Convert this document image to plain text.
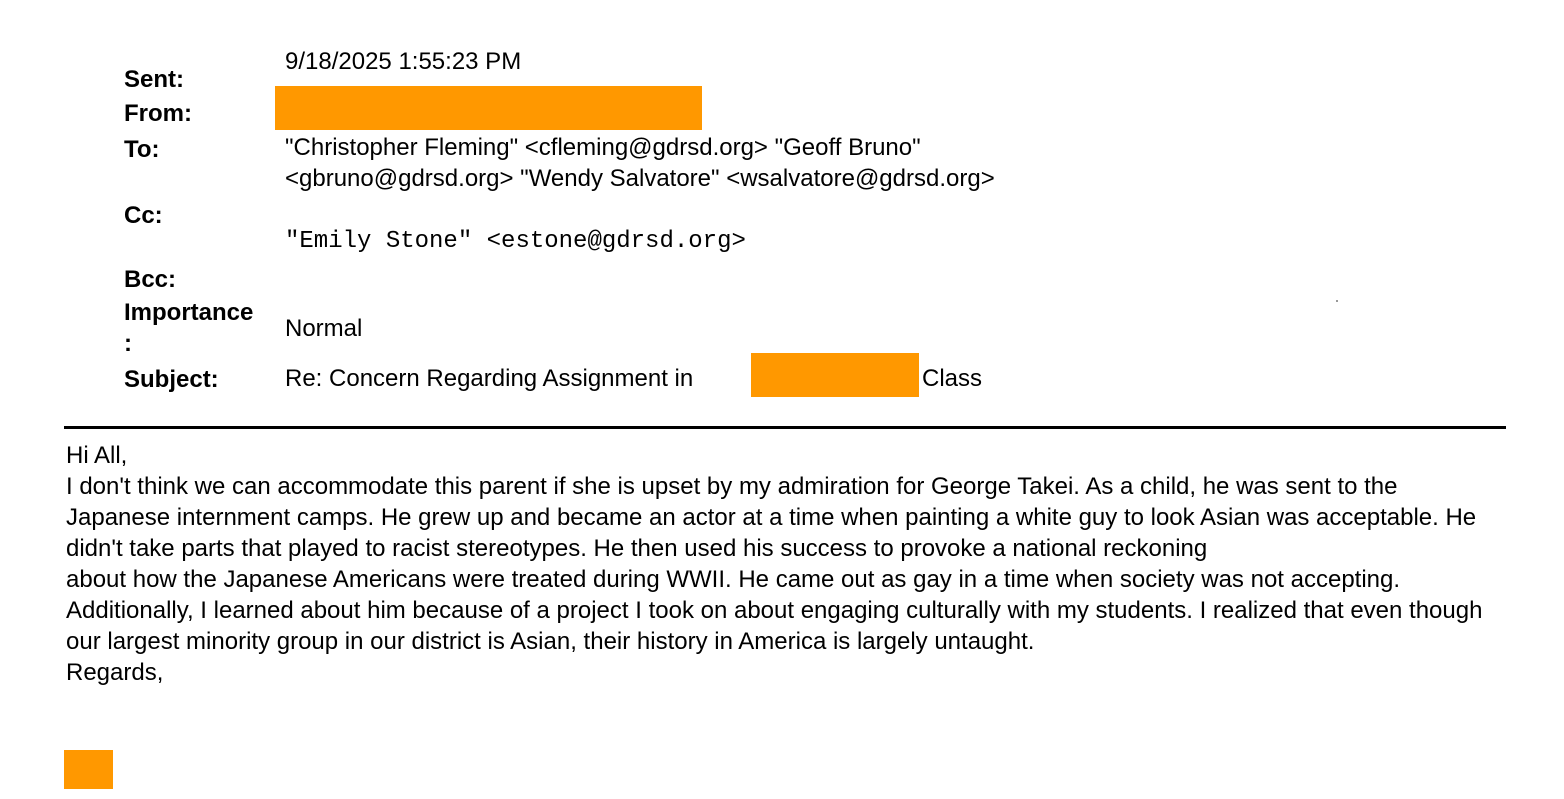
Sent:
From:
To:
Cc:
Bcc:
Importance
:
Subject:
9/18/2025 1:55:23 PM
"Christopher Fleming" <cfleming@gdrsd.org> "Geoff Bruno"
<gbruno@gdrsd.org> "Wendy Salvatore" <wsalvatore@gdrsd.org>
"Emily Stone" <estone@gdrsd.org>
Normal
Re: Concern Regarding Assignment in	Class

Hi All,

I don't think we can accommodate this parent if she is upset by my admiration for George Takei. As a child, he was sent to the Japanese internment camps. He grew up and became an actor at a time when painting a white guy to look Asian was acceptable. He didn't take parts that played to racist stereotypes. He then used his success to provoke a national reckoning

about how the Japanese Americans were treated during WWII. He came out as gay in a time when society was not accepting.

Additionally, I learned about him because of a project I took on about engaging culturally with my students. I realized that even though our largest minority group in our district is Asian, their history in America is largely untaught.

Regards,
